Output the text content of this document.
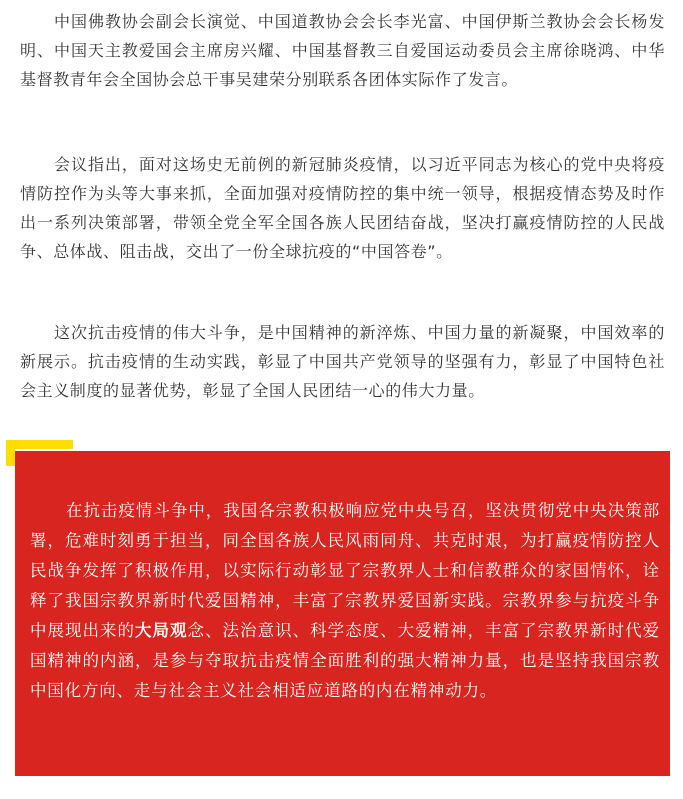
中国佛教协会副会长演觉、中国道教协会会长李光富、中国伊斯兰教协会会长杨发明、中国天主教爱国会主席房兴耀、中国基督教三自爱国运动委员会主席徐晓鸿、中华基督教青年会全国协会总干事吴建荣分别联系各团体实际作了发言。

会议指出，面对这场史无前例的新冠肺炎疫情，以习近平同志为核心的党中央将疫情防控作为头等大事来抓，全面加强对疫情防控的集中统一领导，根据疫情态势及时作出一系列决策部署，带领全党全军全国各族人民团结奋战，坚决打赢疫情防控的人民战争、总体战、阻击战，交出了一份全球抗疫的“中国答卷”。

这次抗击疫情的伟大斗争，是中国精神的新淬炼、中国力量的新凝聚，中国效率的新展示。抗击疫情的生动实践，彰显了中国共产党领导的坚强有力，彰显了中国特色社会主义制度的显著优势，彰显了全国人民团结一心的伟大力量。

在抗击疫情斗争中，我国各宗教积极响应党中央号召，坚决贯彻党中央决策部署，危难时刻勇于担当，同全国各族人民风雨同舟、共克时艰，为打赢疫情防控人民战争发挥了积极作用，以实际行动彰显了宗教界人士和信教群众的家国情怀，诠释了我国宗教界新时代爱国精神，丰富了宗教界爱国新实践。宗教界参与抗疫斗争中展现出来的大局观念、法治意识、科学态度、大爱精神，丰富了宗教界新时代爱国精神的内涵，是参与夺取抗击疫情全面胜利的强大精神力量，也是坚持我国宗教中国化方向、走与社会主义社会相适应道路的内在精神动力。
